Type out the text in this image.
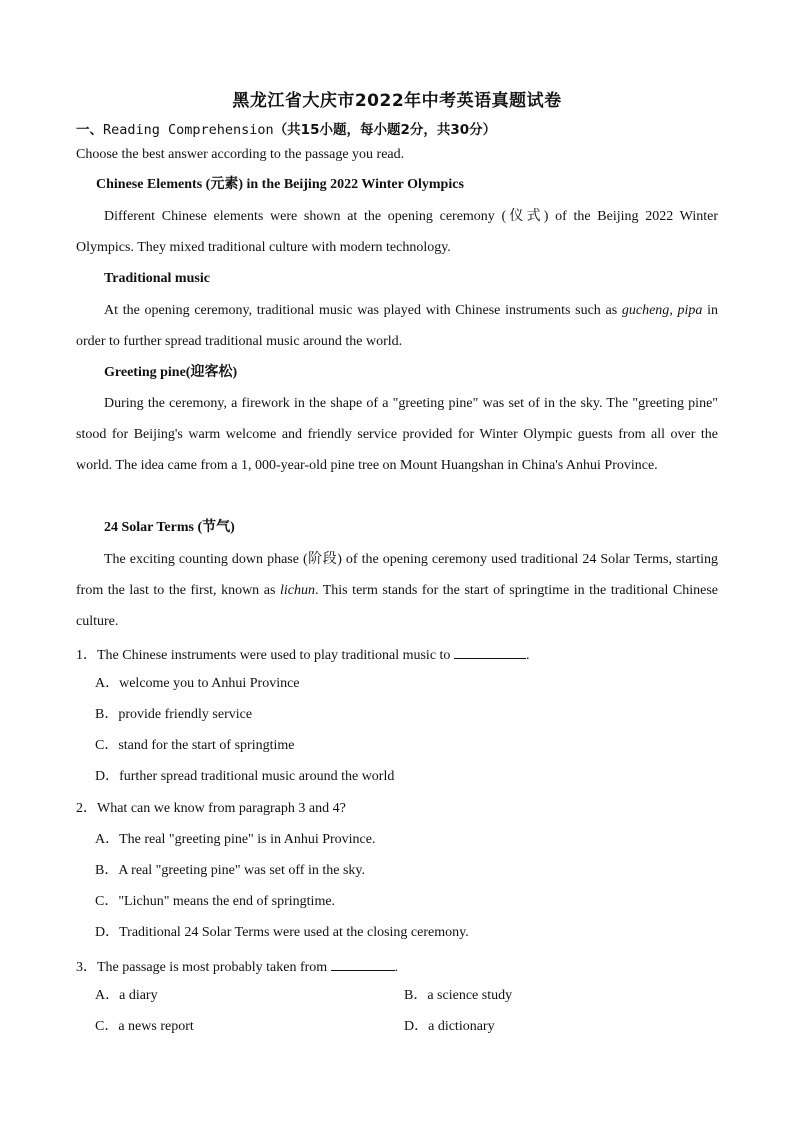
黑龙江省大庆市2022年中考英语真题试卷
一、Reading Comprehension（共15小题，每小题2分，共30分）
Choose the best answer according to the passage you read.
Chinese Elements (元素) in the Beijing 2022 Winter Olympics
Different Chinese elements were shown at the opening ceremony (仪式) of the Beijing 2022 Winter Olympics. They mixed traditional culture with modern technology.
Traditional music
At the opening ceremony, traditional music was played with Chinese instruments such as gucheng, pipa in order to further spread traditional music around the world.
Greeting pine(迎客松)
During the ceremony, a firework in the shape of a "greeting pine" was set of in the sky. The "greeting pine" stood for Beijing's warm welcome and friendly service provided for Winter Olympic guests from all over the world. The idea came from a 1, 000-year-old pine tree on Mount Huangshan in China's Anhui Province.
24 Solar Terms (节气)
The exciting counting down phase (阶段) of the opening ceremony used traditional 24 Solar Terms, starting from the last to the first, known as lichun. This term stands for the start of springtime in the traditional Chinese culture.
1．The Chinese instruments were used to play traditional music to	.
A．welcome you to Anhui Province
B．provide friendly service
C．stand for the start of springtime
D．further spread traditional music around the world
2．What can we know from paragraph 3 and 4?
A．The real "greeting pine" is in Anhui Province.
B．A real "greeting pine" was set off in the sky.
C．"Lichun" means the end of springtime.
D．Traditional 24 Solar Terms were used at the closing ceremony.
3．The passage is most probably taken from	.
A．a diary	B．a science study
C．a news report	D．a dictionary
